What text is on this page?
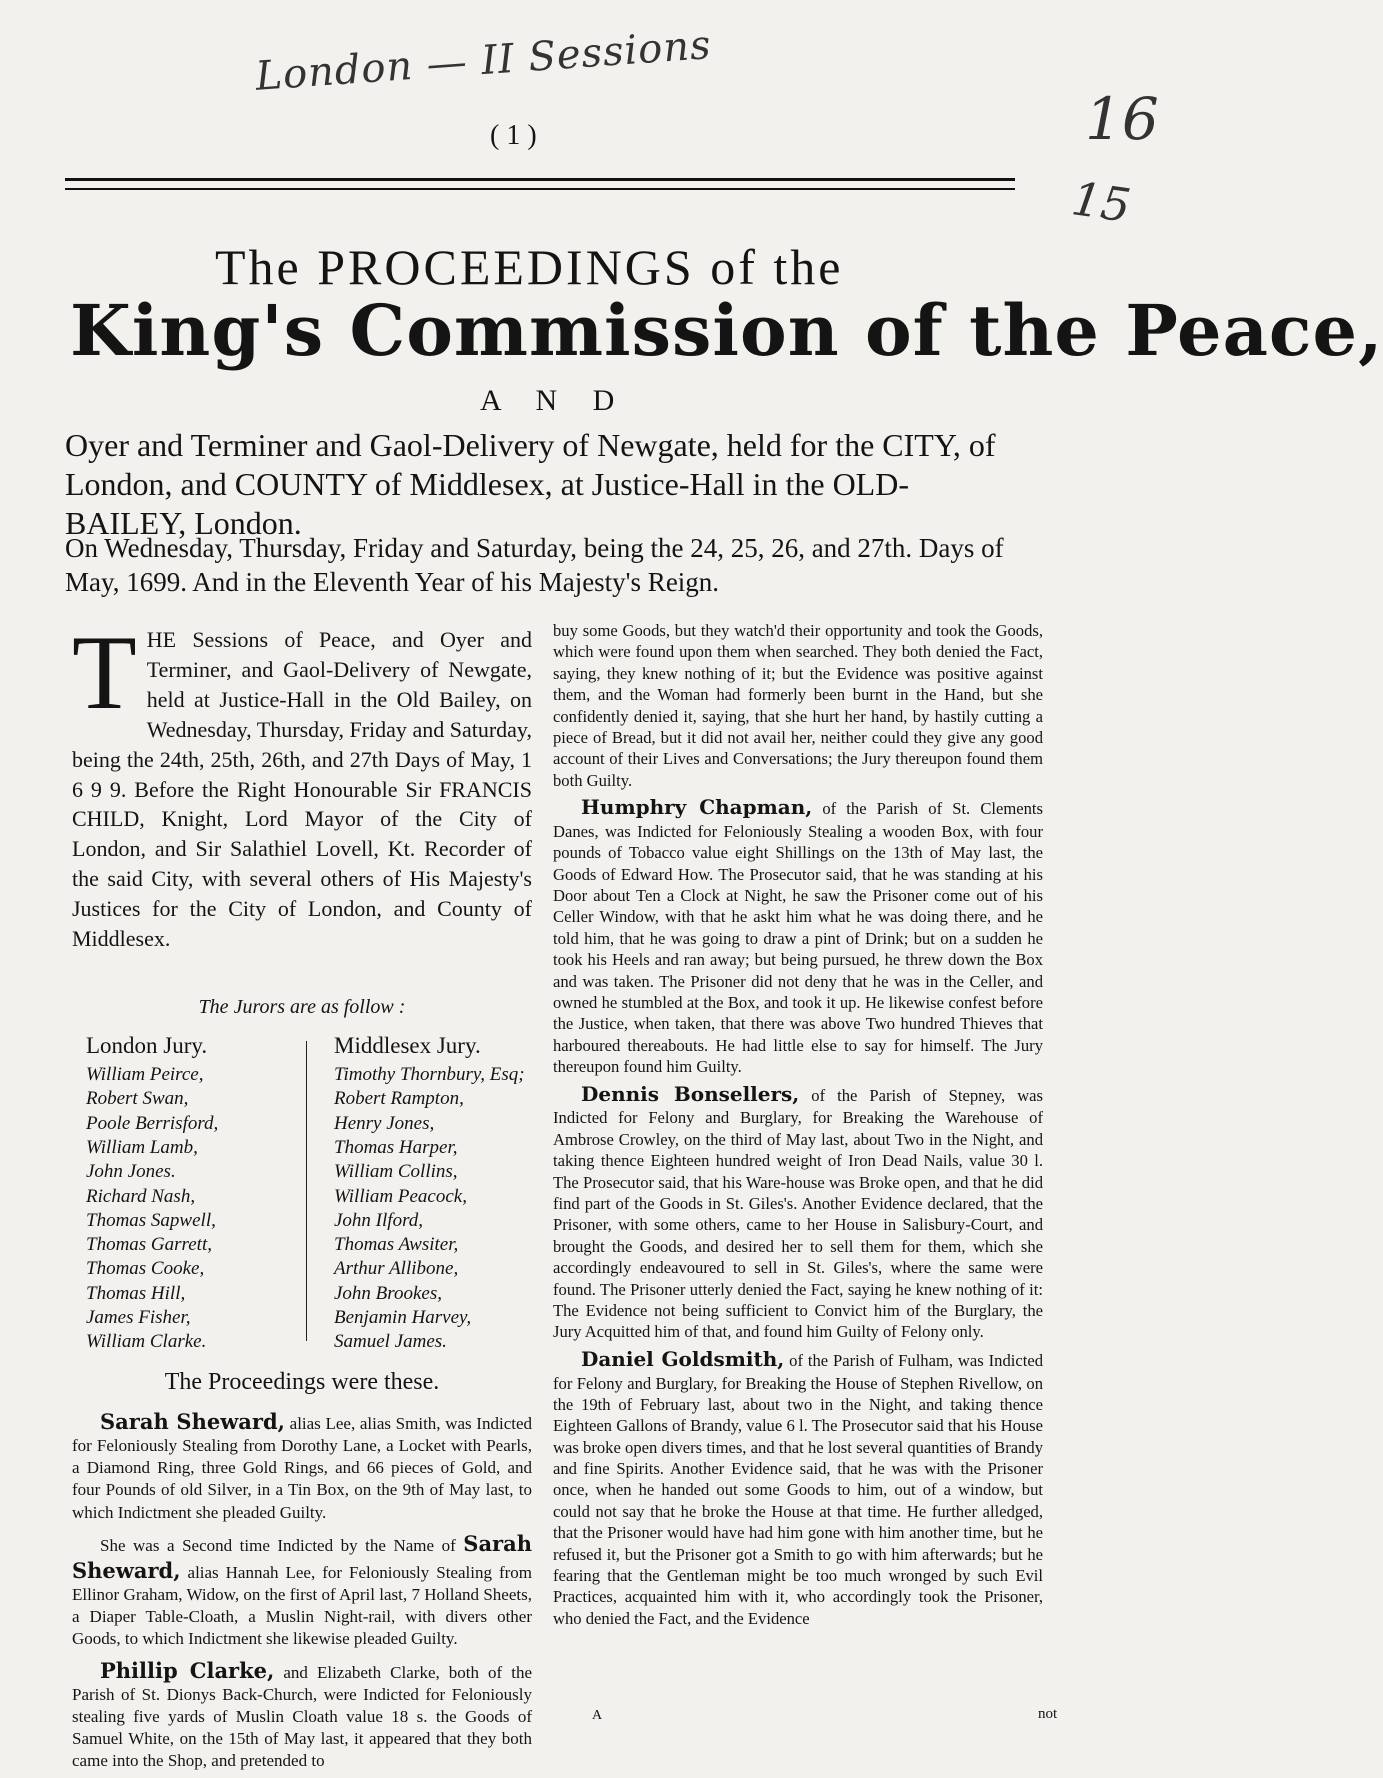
London — II Sessions
16
15
( 1 )
The PROCEEDINGS of the
King's Commission of the Peace,
A N D
Oyer and Terminer and Gaol-Delivery of Newgate, held for the CITY, of London, and COUNTY of Middlesex, at Justice-Hall in the OLD-BAILEY, London.
On Wednesday, Thursday, Friday and Saturday, being the 24, 25, 26, and 27th. Days of May, 1699. And in the Eleventh Year of his Majesty's Reign.

THE Sessions of Peace, and Oyer and Terminer, and Gaol-Delivery of Newgate, held at Justice-Hall in the Old Bailey, on Wednesday, Thursday, Friday and Saturday, being the 24th, 25th, 26th, and 27th Days of May, 1 6 9 9. Before the Right Honourable Sir FRANCIS CHILD, Knight, Lord Mayor of the City of London, and Sir Salathiel Lovell, Kt. Recorder of the said City, with several others of His Majesty's Justices for the City of London, and County of Middlesex.

The Jurors are as follow :
London Jury.
William Peirce,
Robert Swan,
Poole Berrisford,
William Lamb,
John Jones.
Richard Nash,
Thomas Sapwell,
Thomas Garrett,
Thomas Cooke,
Thomas Hill,
James Fisher,
William Clarke.
Middlesex Jury.
Timothy Thornbury, Esq;
Robert Rampton,
Henry Jones,
Thomas Harper,
William Collins,
William Peacock,
John Ilford,
Thomas Awsiter,
Arthur Allibone,
John Brookes,
Benjamin Harvey,
Samuel James.
The Proceedings were these.

Sarah Sheward, alias Lee, alias Smith, was Indicted for Feloniously Stealing from Dorothy Lane, a Locket with Pearls, a Diamond Ring, three Gold Rings, and 66 pieces of Gold, and four Pounds of old Silver, in a Tin Box, on the 9th of May last, to which Indictment she pleaded Guilty.

She was a Second time Indicted by the Name of Sarah Sheward, alias Hannah Lee, for Feloniously Stealing from Ellinor Graham, Widow, on the first of April last, 7 Holland Sheets, a Diaper Table-Cloath, a Muslin Night-rail, with divers other Goods, to which Indictment she likewise pleaded Guilty.

Phillip Clarke, and Elizabeth Clarke, both of the Parish of St. Dionys Back-Church, were Indicted for Feloniously stealing five yards of Muslin Cloath value 18 s. the Goods of Samuel White, on the 15th of May last, it appeared that they both came into the Shop, and pretended to

buy some Goods, but they watch'd their opportunity and took the Goods, which were found upon them when searched. They both denied the Fact, saying, they knew nothing of it; but the Evidence was positive against them, and the Woman had formerly been burnt in the Hand, but she confidently denied it, saying, that she hurt her hand, by hastily cutting a piece of Bread, but it did not avail her, neither could they give any good account of their Lives and Conversations; the Jury thereupon found them both Guilty.

Humphry Chapman, of the Parish of St. Clements Danes, was Indicted for Feloniously Stealing a wooden Box, with four pounds of Tobacco value eight Shillings on the 13th of May last, the Goods of Edward How. The Prosecutor said, that he was standing at his Door about Ten a Clock at Night, he saw the Prisoner come out of his Celler Window, with that he askt him what he was doing there, and he told him, that he was going to draw a pint of Drink; but on a sudden he took his Heels and ran away; but being pursued, he threw down the Box and was taken. The Prisoner did not deny that he was in the Celler, and owned he stumbled at the Box, and took it up. He likewise confest before the Justice, when taken, that there was above Two hundred Thieves that harboured thereabouts. He had little else to say for himself. The Jury thereupon found him Guilty.

Dennis Bonsellers, of the Parish of Stepney, was Indicted for Felony and Burglary, for Breaking the Warehouse of Ambrose Crowley, on the third of May last, about Two in the Night, and taking thence Eighteen hundred weight of Iron Dead Nails, value 30 l. The Prosecutor said, that his Ware-house was Broke open, and that he did find part of the Goods in St. Giles's. Another Evidence declared, that the Prisoner, with some others, came to her House in Salisbury-Court, and brought the Goods, and desired her to sell them for them, which she accordingly endeavoured to sell in St. Giles's, where the same were found. The Prisoner utterly denied the Fact, saying he knew nothing of it: The Evidence not being sufficient to Convict him of the Burglary, the Jury Acquitted him of that, and found him Guilty of Felony only.

Daniel Goldsmith, of the Parish of Fulham, was Indicted for Felony and Burglary, for Breaking the House of Stephen Rivellow, on the 19th of February last, about two in the Night, and taking thence Eighteen Gallons of Brandy, value 6 l. The Prosecutor said that his House was broke open divers times, and that he lost several quantities of Brandy and fine Spirits. Another Evidence said, that he was with the Prisoner once, when he handed out some Goods to him, out of a window, but could not say that he broke the House at that time. He further alledged, that the Prisoner would have had him gone with him another time, but he refused it, but the Prisoner got a Smith to go with him afterwards; but he fearing that the Gentleman might be too much wronged by such Evil Practices, acquainted him with it, who accordingly took the Prisoner, who denied the Fact, and the Evidence

A	not
